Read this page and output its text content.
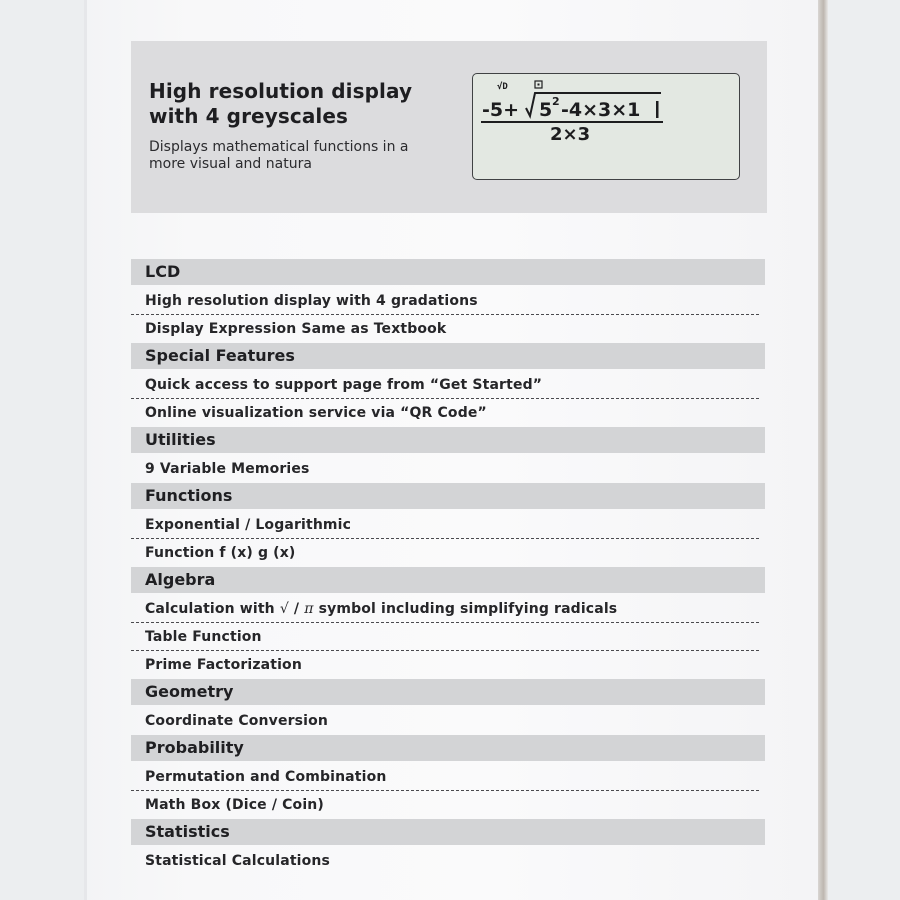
High resolution display with 4 greyscales
Displays mathematical functions in a more visual and natura
√D
-5+ 5 2 -4×3×1
2×3
LCD
High resolution display with 4 gradations
Display Expression Same as Textbook
Special Features
Quick access to support page from “Get Started”
Online visualization service via “QR Code”
Utilities
9 Variable Memories
Functions
Exponential / Logarithmic
Function f (x) g (x)
Algebra
Calculation with √ / π symbol including simplifying radicals
Table Function
Prime Factorization
Geometry
Coordinate Conversion
Probability
Permutation and Combination
Math Box (Dice / Coin)
Statistics
Statistical Calculations
